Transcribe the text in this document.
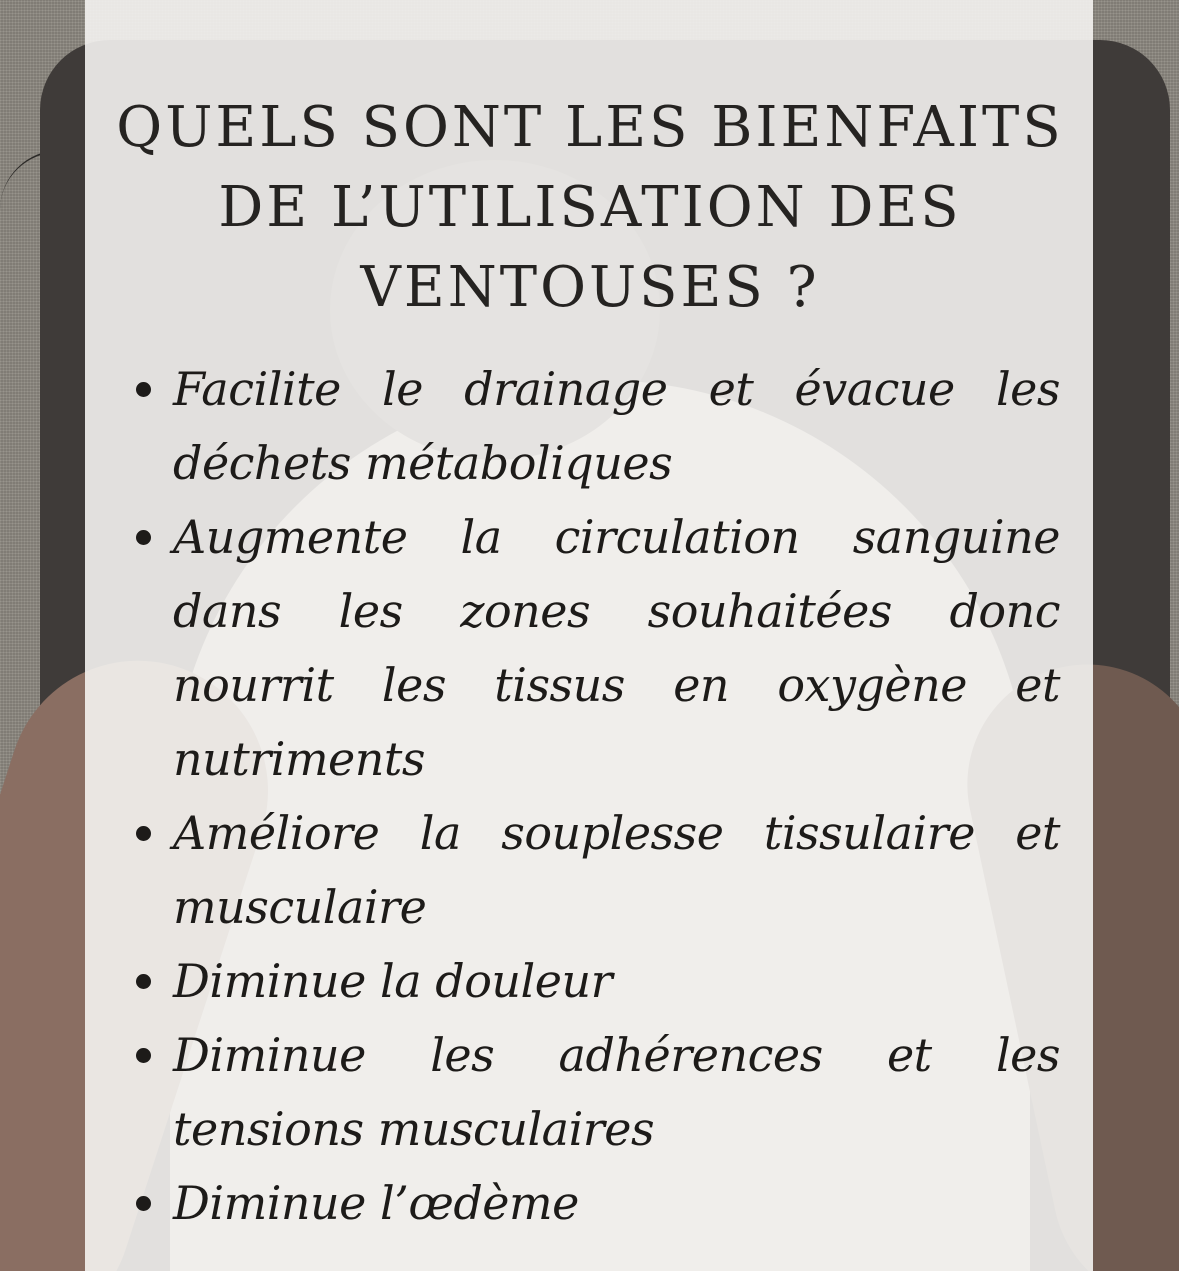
QUELS SONT LES BIENFAITS
DE L’UTILISATION DES
VENTOUSES ?
Facilite le drainage et évacue les déchets métaboliques
Augmente la circulation sanguine dans les zones souhaitées donc nourrit les tissus en oxygène et nutriments
Améliore la souplesse tissulaire et musculaire
Diminue la douleur
Diminue les adhérences et les tensions musculaires
Diminue l’œdème
